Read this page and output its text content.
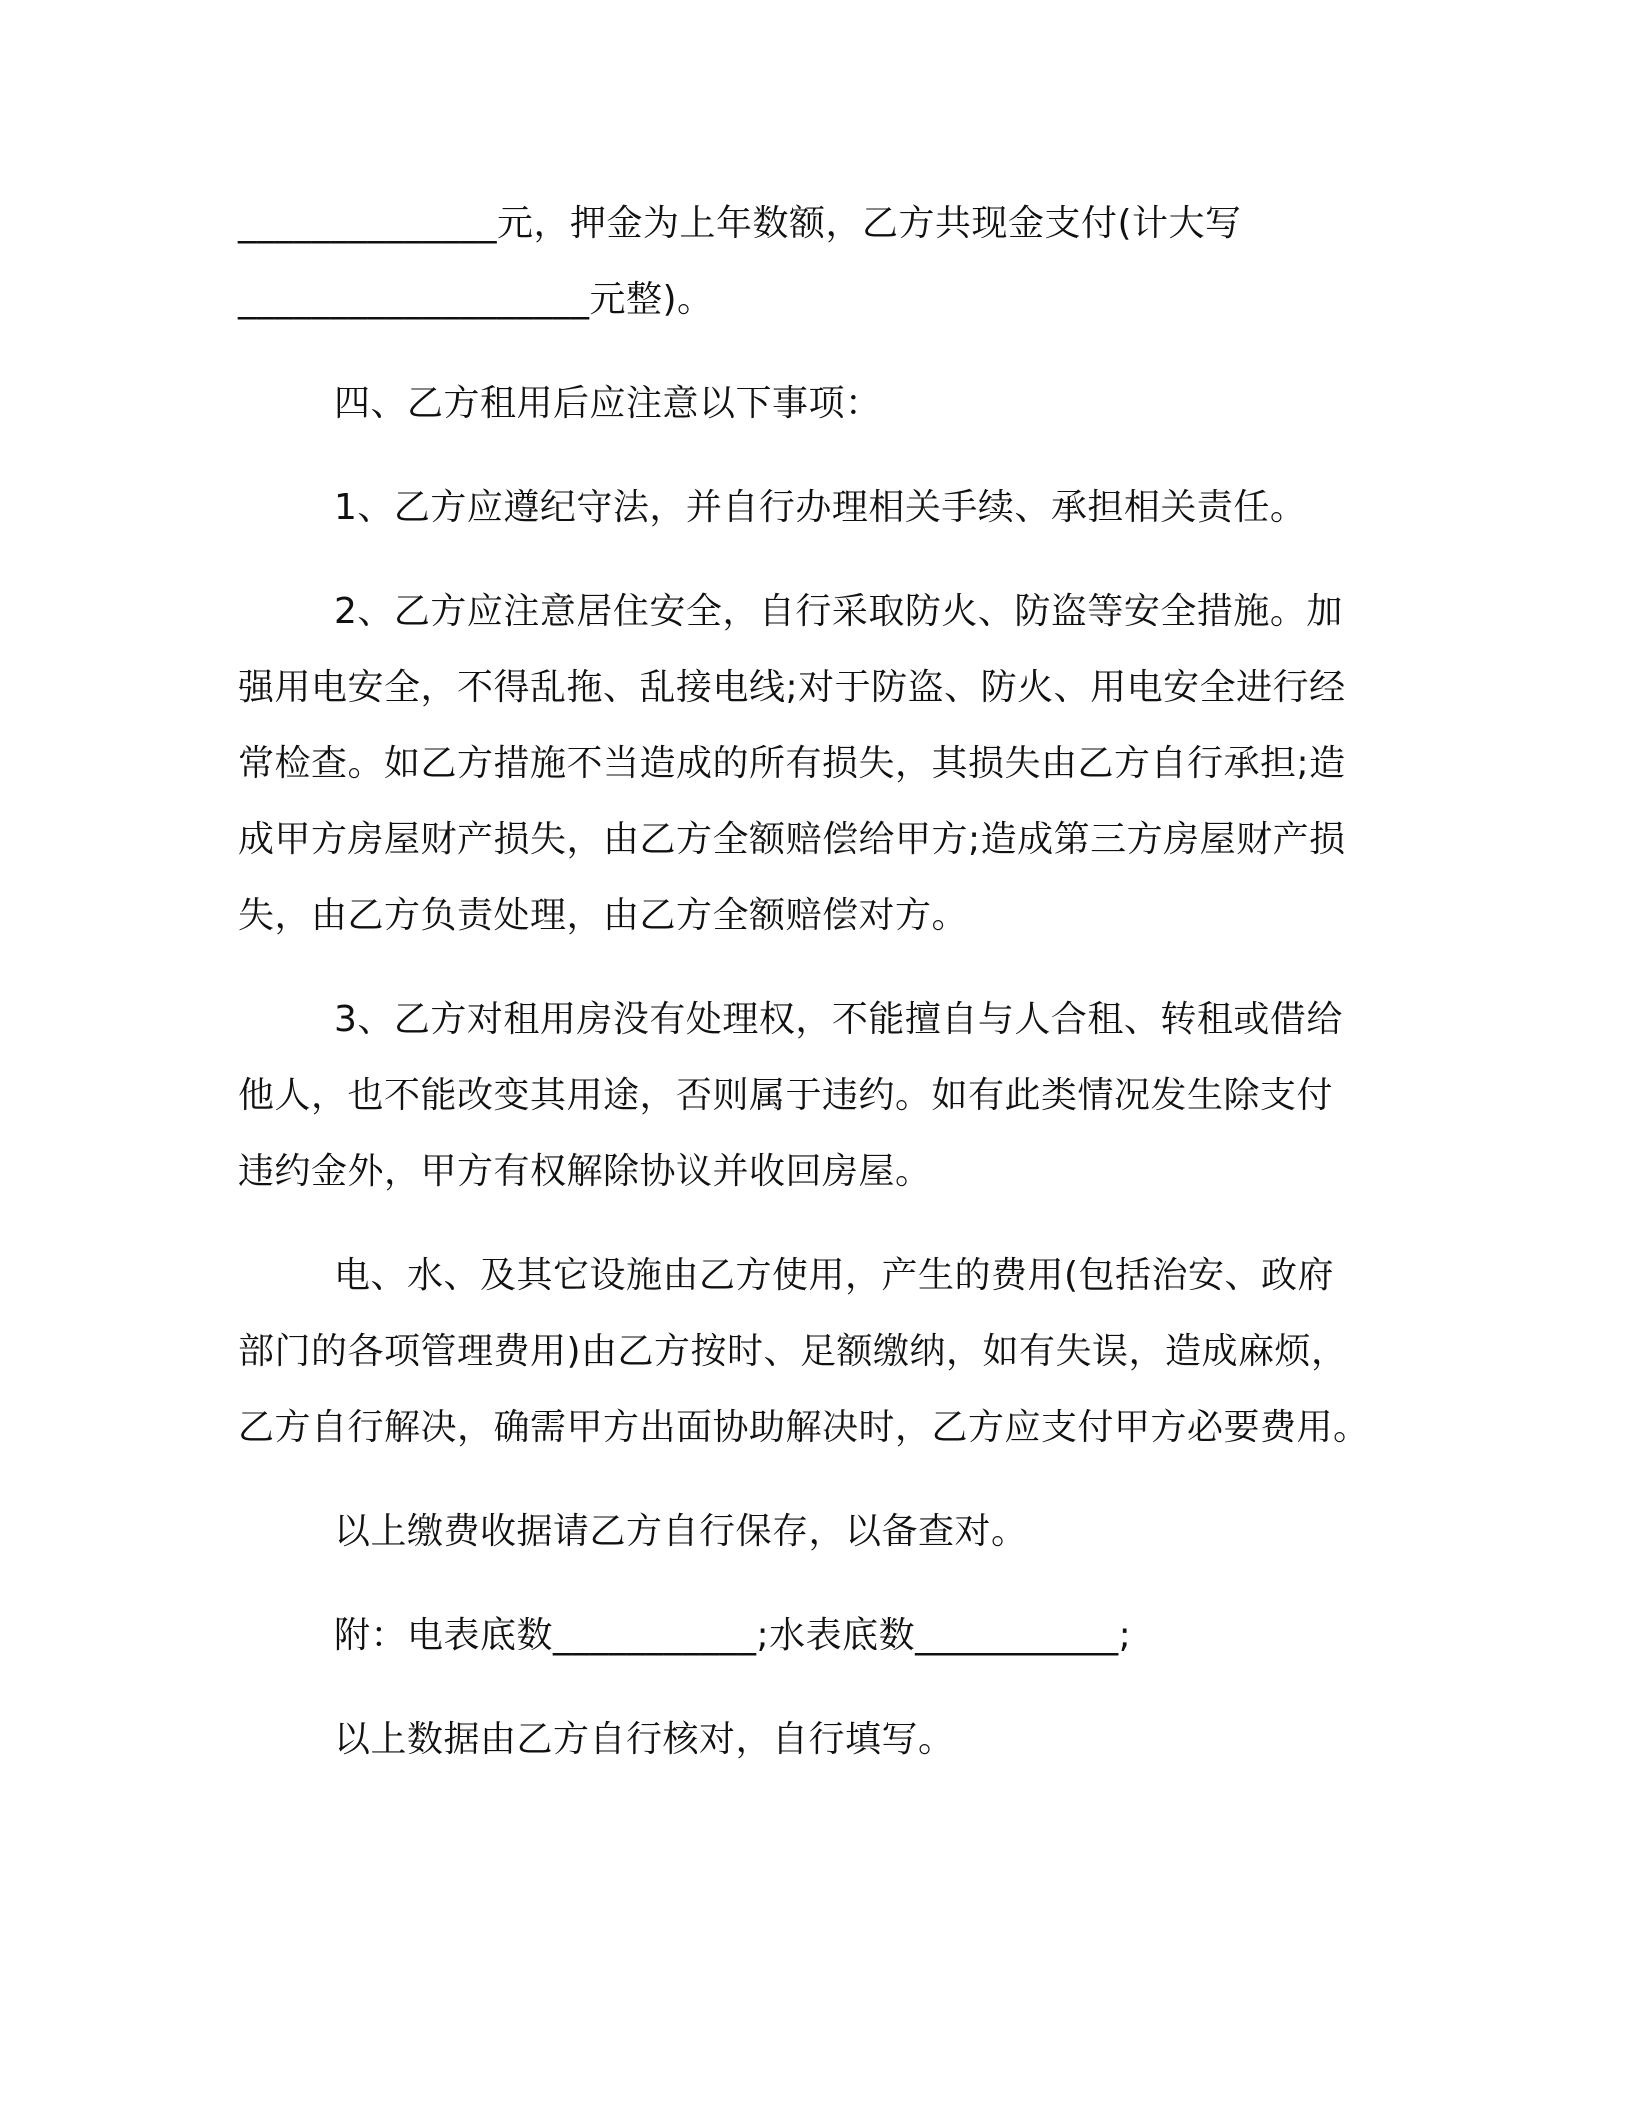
______________元，押金为上年数额，乙方共现金支付(计大写
___________________元整)。
四、乙方租用后应注意以下事项：
1、乙方应遵纪守法，并自行办理相关手续、承担相关责任。
2、乙方应注意居住安全，自行采取防火、防盗等安全措施。加
强用电安全，不得乱拖、乱接电线;对于防盗、防火、用电安全进行经
常检查。如乙方措施不当造成的所有损失，其损失由乙方自行承担;造
成甲方房屋财产损失，由乙方全额赔偿给甲方;造成第三方房屋财产损
失，由乙方负责处理，由乙方全额赔偿对方。
3、乙方对租用房没有处理权，不能擅自与人合租、转租或借给
他人，也不能改变其用途，否则属于违约。如有此类情况发生除支付
违约金外，甲方有权解除协议并收回房屋。
电、水、及其它设施由乙方使用，产生的费用(包括治安、政府
部门的各项管理费用)由乙方按时、足额缴纳，如有失误，造成麻烦，
乙方自行解决，确需甲方出面协助解决时，乙方应支付甲方必要费用。
以上缴费收据请乙方自行保存，以备查对。
附：电表底数___________;水表底数___________;
以上数据由乙方自行核对，自行填写。
